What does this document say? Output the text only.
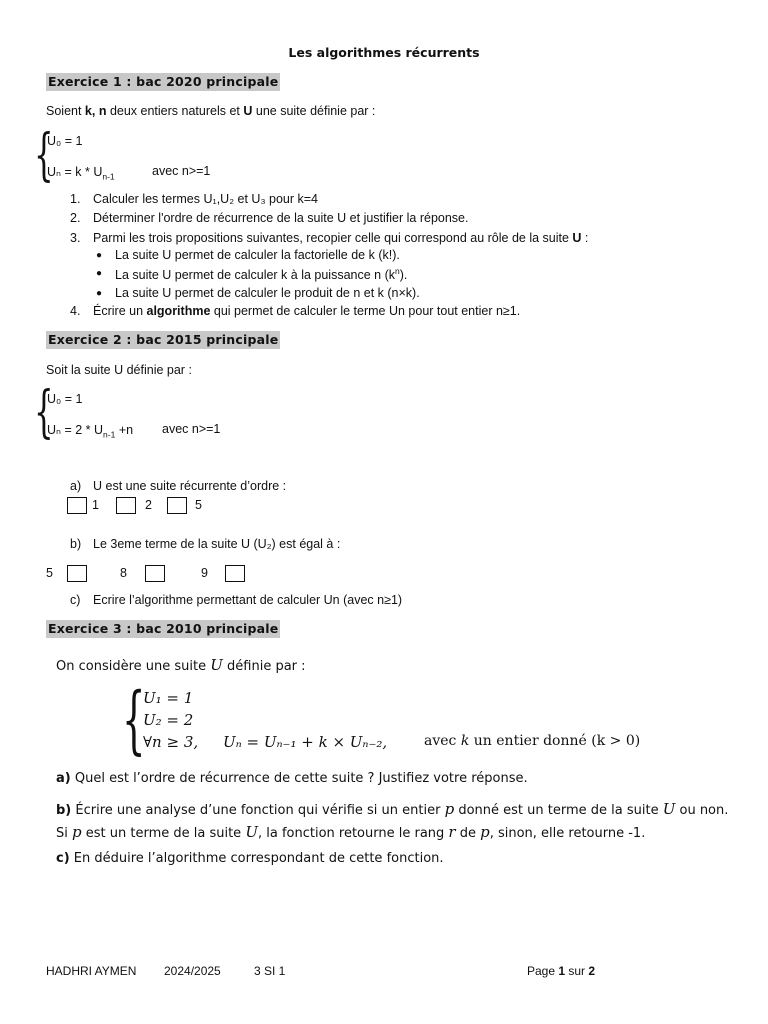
Les algorithmes récurrents
Exercice 1 : bac 2020 principale
Soient k, n deux entiers naturels et U une suite définie par :
{
U₀ = 1
$U_n = k * U_{n-1}$	avec n>=1
1. Calculer les termes U₁,U₂ et U₃ pour k=4
2. Déterminer l'ordre de récurrence de la suite U et justifier la réponse.
3. Parmi les trois propositions suivantes, recopier celle qui correspond au rôle de la suite U :
● La suite U permet de calculer la factorielle de k (k!).
● La suite U permet de calculer k à la puissance n $(k^n)$.
● La suite U permet de calculer le produit de n et k (n×k).
4. Écrire un algorithme qui permet de calculer le terme Un pour tout entier n≥1.
Exercice 2 : bac 2015 principale
Soit la suite U définie par :
{
U₀ = 1
$U_n = 2 * U_{n-1} +n$ avec n>=1
a) U est une suite récurrente d’ordre :
1	2	5
b) Le 3eme terme de la suite U (U₂) est égal à :
5	8	9
c) Ecrire l’algorithme permettant de calculer Un (avec n≥1)
Exercice 3 : bac 2010 principale
On considère une suite U définie par :
{
U₁ = 1
U₂ = 2
∀n ≥ 3, Uₙ = Uₙ₋₁ + k × Uₙ₋₂,	avec k un entier donné (k > 0)
a) Quel est l’ordre de récurrence de cette suite ? Justifiez votre réponse.
b) Écrire une analyse d’une fonction qui vérifie si un entier p donné est un terme de la suite U ou non.
Si p est un terme de la suite U, la fonction retourne le rang r de p, sinon, elle retourne -1.
c) En déduire l’algorithme correspondant de cette fonction.
HADHRI AYMEN 2024/2025	3 SI 1	Page 1 sur 2
